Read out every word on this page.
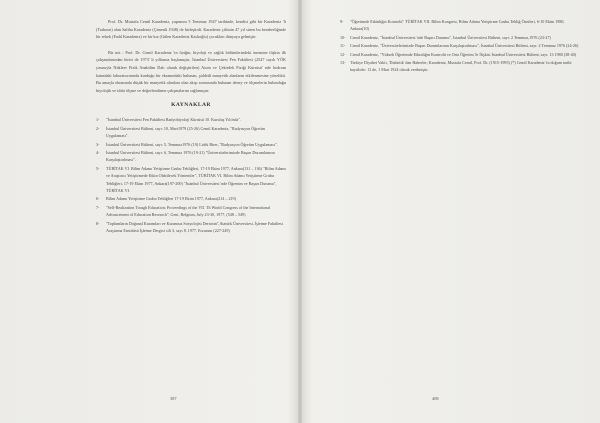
Prof. Dr. Mustafa Cemil Karadeniz, yapımını 5 Temmuz 1947 tarihinde, kendisi gibi bir Karadeniz 'li (Trabzon) olan Saliha Karadeniz (Çimenli 1948) ile birleştirdi. Karadeniz çiftinin 47 yıl süren bu beraberliğinde bir erkek (Fadıl Karadeniz) ve bir kız (Gülen Karadeniz Kaskoğlu) çocukları dünyaya gelmiştir.

Bir not : Prof. Dr. Cemil Karadeniz 'in fiziğin, biyoloji ve sağlık bölümlerindeki önemine ilişkin ilk çalışmalarından birisi de 1973' li yıllarına başlamıştır, İstanbul Üniversitesi Fen Fakültesi (2547 sayılı YÖK yasasıyla Nükleer Fizik Anabilim Dalı olarak değiştirilen) Atom ve Çekirdek Fiziği Kürsüsü' nde bodrum katındaki laboratuvarında kurduğu bir ekranındaki bulunan, şiddetli manyetik alanların etkilenmesine yönelikti. Bu amaçla ekranında düşük bir manyetik alanlara olan akışı sonrasında bulunan deney ve ölçmelerin bulunduğu biyolojik ve tıbbi ölçme ve değerlendirme çalışmalarını sağlamıştır.

KAYNAKLAR
1-	"İstanbul Üniversitesi Fen Fakültesi Radyobiyoloji Kürsüsü 10. Kuruluş Yılı'nda".
2-	İstanbul Üniversitesi Bülteni, sayı: 10, Mart1979 (25-26) Cemil Karadeniz, "Radyasyon Öğretim Uygulaması".
3-	İstanbul Üniversitesi Bülteni, sayı: 5, Temmuz1976 (19) Lütfü Birer, "Radyasyon Öğretim Uygulaması".
4-	İstanbul Üniversitesi Bülteni, sayı: 6, Temmuz 1976 (19-21) "Üniversitelerimizde Başarı Durumlarının Karşılaştırılması".
5-	TÜBİTAK VI. Bilim Adamı Yetiştirme Grubu Tebliğleri, 17-19 Ekim 1977, Ankara(131 – 136) "Bilim Adamı ve Araştırıcı Yetiştirmede Etkin Olabilecek Yöntemler", TÜBİTAK VI. Bilim Adamı Yetiştirme Grubu Tebliğleri, 17-19 Ekim 1977, Ankara(197-200) "İstanbul Üniversitesi 'nde Öğrenim ve Başarı Durumu", TÜBİTAK VI.
6-	Bilim Adamı Yetiştirme Grubu Tebliğleri 17-19 Ekim 1977, Ankara(214 – 219)
7-	"Self-Realization Trough Education; Proceedings of the VII. Th World Congress of the International Advancement of Education Research", Gent, Belgium, July 23-30, 1977, (548 – 549)
8-	"Toplumların Doğanal Kuramları ve Kuramsız Sosyolojisi Dersinin",Atatürk Üniversitesi, İşletme Fakültesi Araştırma Enstitüsü İşletme Dergisi cilt 3, sayı 8, 1977, Erzurum (227-249)
387
9-	"Öğretimde Etkinliğin Kontrolü" TÜBİTAK VII. Bilim Kongresi, Bilim Adamı Yetiştirme Grubu Tebliğ Özetleri, 6-10 Ekim 1980, Ankara(10)
10-	Cemil Karadeniz, "İstanbul Üniversitesi 'nde Başarı Durumu", İstanbul Üniversitesi Bülteni, sayı: 2 Temmuz,1976 (23-27)
11-	Cemil Karadeniz, "Üniversitelerimizde Başarı Durumlarının Karşılaştırılması", İstanbul Üniversitesi Bülteni, sayı: 2 Temmuz 1976 (24-26)
12-	Cemil Karadeniz, "Yüksek Öğretimde Etkinliğin Kontrolü ve Orta Öğretim 'le İlişkisi İstanbul Üniversitesi Bülteni, sayı: 13 1980 (38-40)
13-	Türkiye Diyabet Vakfı, 'Diabetik' dan Haberler; Karadeniz, Mustafa Cemil, Prof. Dr. (1915-1995) (*) Cemil Karadeniz 'in doğum tarihi kayıtlıdır: 13 de, 1 Mart 1924 olarak verilmiştir.
408
